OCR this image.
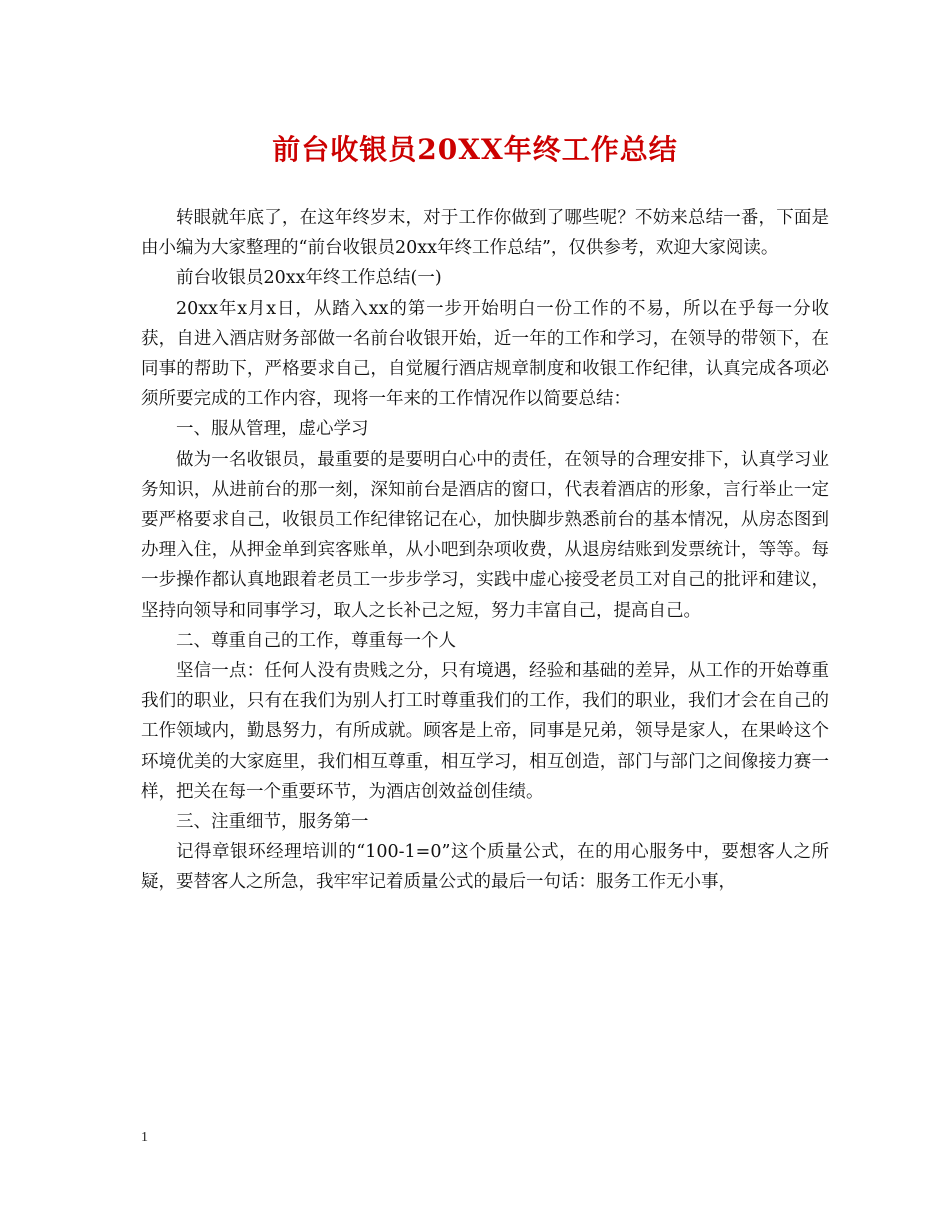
前台收银员20XX年终工作总结

转眼就年底了，在这年终岁末，对于工作你做到了哪些呢？不妨来总结一番，下面是由小编为大家整理的“前台收银员20xx年终工作总结”，仅供参考，欢迎大家阅读。

前台收银员20xx年终工作总结(一)

20xx年x月x日，从踏入xx的第一步开始明白一份工作的不易，所以在乎每一分收获，自进入酒店财务部做一名前台收银开始，近一年的工作和学习，在领导的带领下，在同事的帮助下，严格要求自己，自觉履行酒店规章制度和收银工作纪律，认真完成各项必须所要完成的工作内容，现将一年来的工作情况作以简要总结：

一、服从管理，虚心学习

做为一名收银员，最重要的是要明白心中的责任，在领导的合理安排下，认真学习业务知识，从进前台的那一刻，深知前台是酒店的窗口，代表着酒店的形象，言行举止一定要严格要求自己，收银员工作纪律铭记在心，加快脚步熟悉前台的基本情况，从房态图到办理入住，从押金单到宾客账单，从小吧到杂项收费，从退房结账到发票统计，等等。每一步操作都认真地跟着老员工一步步学习，实践中虚心接受老员工对自己的批评和建议，坚持向领导和同事学习，取人之长补己之短，努力丰富自己，提高自己。

二、尊重自己的工作，尊重每一个人

坚信一点：任何人没有贵贱之分，只有境遇，经验和基础的差异，从工作的开始尊重我们的职业，只有在我们为别人打工时尊重我们的工作，我们的职业，我们才会在自己的工作领域内，勤恳努力，有所成就。顾客是上帝，同事是兄弟，领导是家人，在果岭这个环境优美的大家庭里，我们相互尊重，相互学习，相互创造，部门与部门之间像接力赛一样，把关在每一个重要环节，为酒店创效益创佳绩。

三、注重细节，服务第一

记得章银环经理培训的“100-1=0”这个质量公式，在的用心服务中，要想客人之所疑，要替客人之所急，我牢牢记着质量公式的最后一句话：服务工作无小事，

1
